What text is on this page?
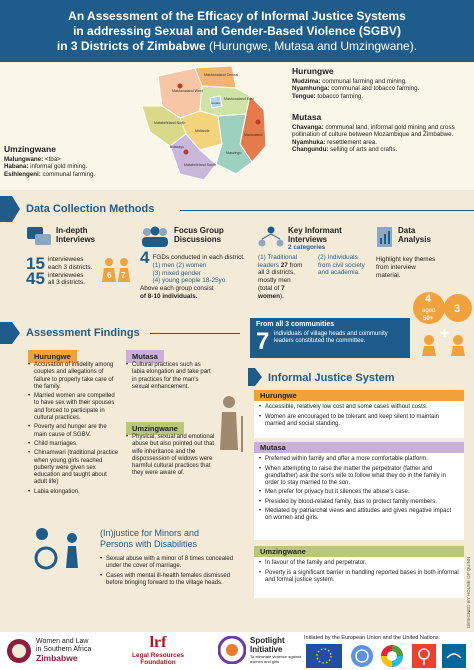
An Assessment of the Efficacy of Informal Justice Systems
in addressing Sexual and Gender-Based Violence (SGBV)
in 3 Districts of Zimbabwe (Hurungwe, Mutasa and Umzingwane).
Mashonaland West
Mashonaland Central
Mashonaland East
Harare
Manicaland
Midlands
Masvingo
Matabeleland North
Matabeleland South
Bulawayo
Hurungwe
Mudzima: communal farming and mining.
Nyamhunga: communal and tobacco farming.
Tengue: tobacco farming.
Mutasa
Chavanga: communal land, informal gold mining and cross pollination of culture between Mozambique and Zimbabwe.
Nyamhuka: resettlement area.
Changundu: selling of arts and crafts.
Umzingwane
Malungwane: <tba>
Habana: informal gold mining.
Esihlengeni: communal farming.
Data Collection Methods
In-depth
Interviews
15 interviewees
each 3 districts.
45 interviewees
all 3 districts.
6 7
Focus Group
Discussions
4 FGDs conducted in each district.
(1) men (2) women
(3) mixed gender
(4) young people 18-25yo
Above each group consist
of 8-10 individuals.
Key Informant
Interviews
2 categories
(1) Traditional
leaders 27 from
all 3 districts,
mostly men
(total of 7 women).
(2) Individuals
from civil society
and academia.
Data
Analysis
Highlight key themes
from interview
material.
4
aged
50+
3
+
Assessment Findings
Hurungwe
• Accusation of infidelity among couples and allegations of failure to properly take care of the family.
• Married women are compelled to have sex with their spouses and forced to participate in cultural practices.
• Poverty and hunger are the main cause of SGBV.
• Child marriages.
• Chinamwari (traditional practice when young girls reached puberty were given sex education and taught about adult life)
• Labia elongation.
Mutasa
• Cultural practices such as labia elongation and take part in practices for the man's sexual enhancement.
Umzingwane
• Physical, sexual and emotional abuse but also pointed out that wife inheritance and the dispossession of widows were harmful cultural practices that they were aware of.
(In)justice for Minors and
Persons with Disabilities
• Sexual abuse with a minor of 8 times concealed under the cover of marriage.
• Cases with mental ill-health females dismissed before bringing forward to the village heads.
From all 3 communities
7 individuals of village heads and community leaders constituted the committee.
Informal Justice System
Hurungwe
• Accessible, relatively low cost and some cases without costs.
• Women are encouraged to be tolerant and keep silent to maintain married and social standing.
Mutasa
• Preferred within family and offer a more comfortable platform.
• When attempting to raise the matter the perpetrator (father and grandfather) ask the son's wife to follow what they do in the family in order to stay married to the son.
• Men prefer for privacy but it silences the abuse's case.
• Presided by blood-related family, bias to protect family members.
• Mediated by patriarchal views and attitudes and gives negative impact on women and girls.
Umzingwane
• In favour of the family and perpetrator.
• Poverty is a significant barrier in handling reported bases in both informal and formal justice system.	DESIGNED BY HOUSE OF QUINN
Women and Law
in Southern Africa
Zimbabwe
lrf
Legal Resources
Foundation
Spotlight
Initiative
To eliminate violence against women and girls
Initiated by the European Union and the United Nations:
